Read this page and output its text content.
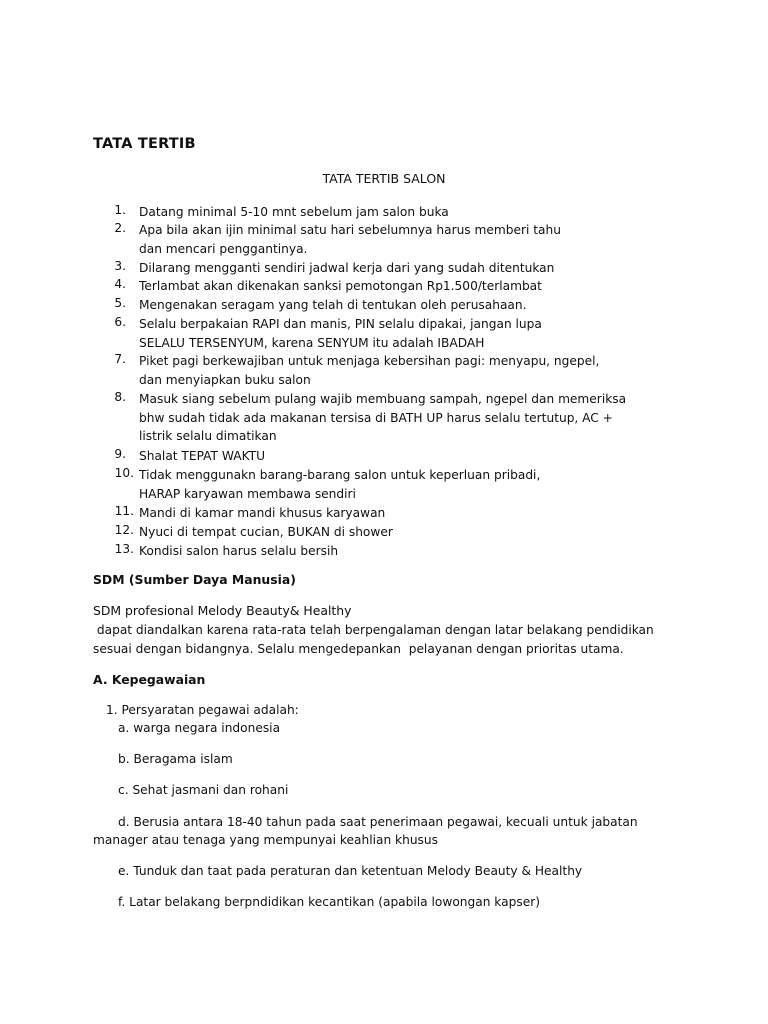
TATA TERTIB
TATA TERTIB SALON
1. Datang minimal 5-10 mnt sebelum jam salon buka
2. Apa bila akan ijin minimal satu hari sebelumnya harus memberi tahu dan mencari penggantinya.
3. Dilarang mengganti sendiri jadwal kerja dari yang sudah ditentukan
4. Terlambat akan dikenakan sanksi pemotongan Rp1.500/terlambat
5. Mengenakan seragam yang telah di tentukan oleh perusahaan.
6. Selalu berpakaian RAPI dan manis, PIN selalu dipakai, jangan lupa SELALU TERSENYUM, karena SENYUM itu adalah IBADAH
7. Piket pagi berkewajiban untuk menjaga kebersihan pagi: menyapu, ngepel, dan menyiapkan buku salon
8. Masuk siang sebelum pulang wajib membuang sampah, ngepel dan memeriksa bhw sudah tidak ada makanan tersisa di BATH UP harus selalu tertutup, AC + listrik selalu dimatikan
9. Shalat TEPAT WAKTU
10. Tidak menggunakn barang-barang salon untuk keperluan pribadi, HARAP karyawan membawa sendiri
11. Mandi di kamar mandi khusus karyawan
12. Nyuci di tempat cucian, BUKAN di shower
13. Kondisi salon harus selalu bersih
SDM (Sumber Daya Manusia)
SDM profesional Melody Beauty& Healthy
dapat diandalkan karena rata-rata telah berpengalaman dengan latar belakang pendidikan sesuai dengan bidangnya. Selalu mengedepankan  pelayanan dengan prioritas utama.
A. Kepegawaian
1. Persyaratan pegawai adalah:
a. warga negara indonesia
b. Beragama islam
c. Sehat jasmani dan rohani
d. Berusia antara 18-40 tahun pada saat penerimaan pegawai, kecuali untuk jabatan
manager atau tenaga yang mempunyai keahlian khusus
e. Tunduk dan taat pada peraturan dan ketentuan Melody Beauty & Healthy
f. Latar belakang berpndidikan kecantikan (apabila lowongan kapser)
